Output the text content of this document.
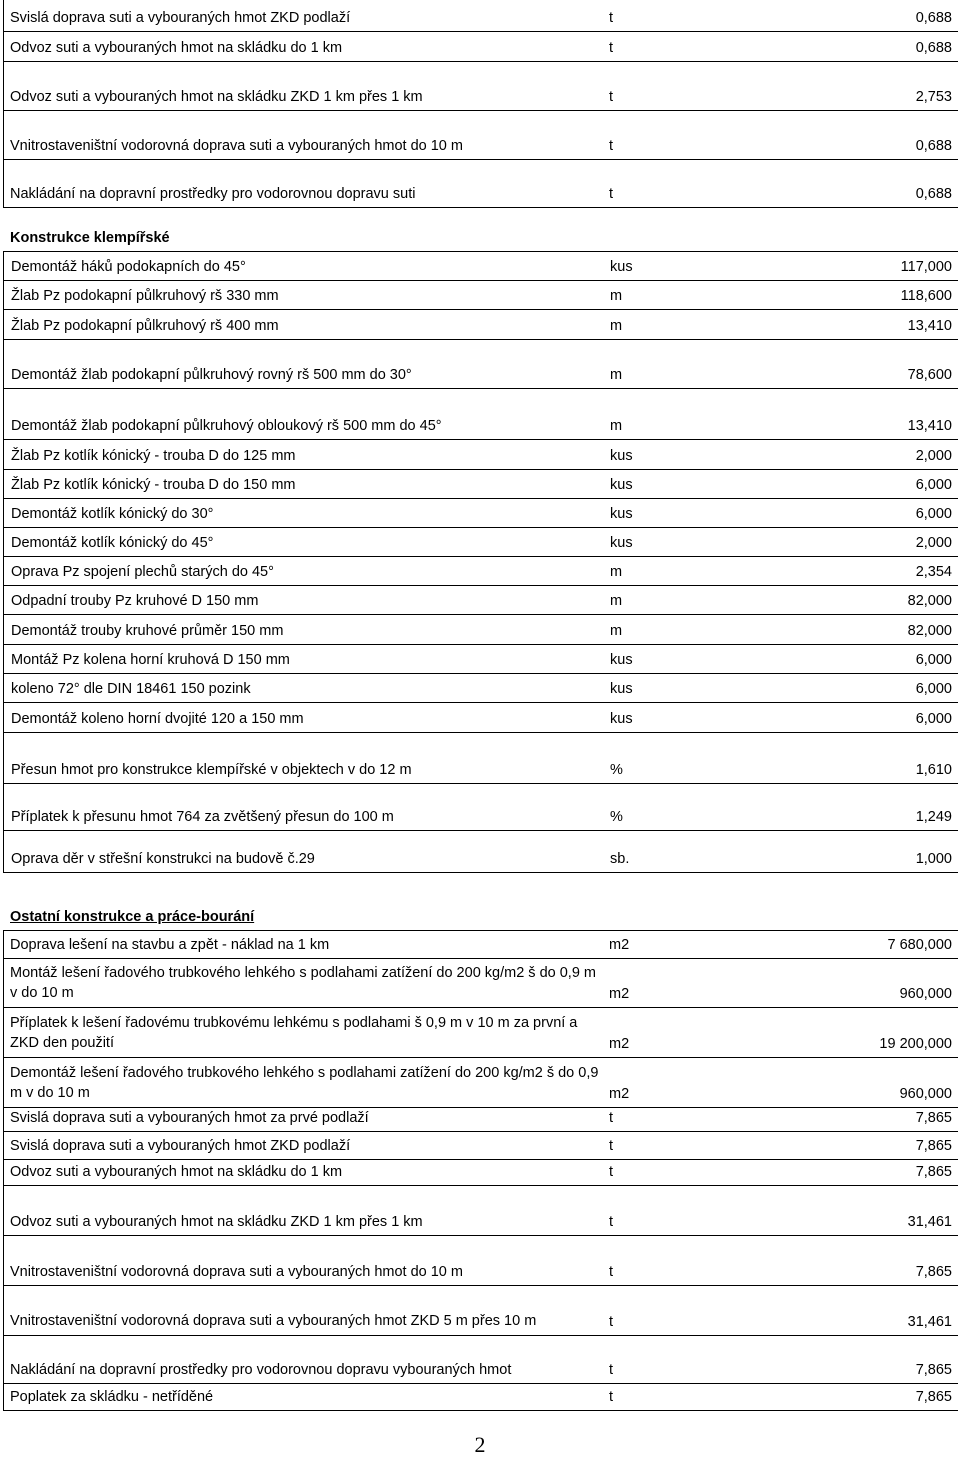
Svislá doprava suti a vybouraných hmot ZKD podlaží	t	0,688
Odvoz suti a vybouraných hmot na skládku do 1 km	t	0,688
Odvoz suti a vybouraných hmot na skládku ZKD 1 km přes 1 km	t	2,753
Vnitrostaveništní vodorovná doprava suti a vybouraných hmot do 10 m	t	0,688
Nakládání na dopravní prostředky pro vodorovnou dopravu suti	t	0,688
Konstrukce klempířské
Demontáž háků podokapních do 45°	kus	117,000
Žlab Pz podokapní půlkruhový rš 330 mm	m	118,600
Žlab Pz podokapní půlkruhový rš 400 mm	m	13,410
Demontáž žlab podokapní půlkruhový rovný rš 500 mm do 30°	m	78,600
Demontáž žlab podokapní půlkruhový obloukový rš 500 mm do 45°	m	13,410
Žlab Pz kotlík kónický - trouba D do 125 mm	kus	2,000
Žlab Pz kotlík kónický - trouba D do 150 mm	kus	6,000
Demontáž kotlík kónický do 30°	kus	6,000
Demontáž kotlík kónický do 45°	kus	2,000
Oprava Pz spojení plechů starých do 45°	m	2,354
Odpadní trouby Pz kruhové D 150 mm	m	82,000
Demontáž trouby kruhové průměr 150 mm	m	82,000
Montáž Pz kolena horní kruhová D 150 mm	kus	6,000
koleno 72° dle DIN 18461 150 pozink	kus	6,000
Demontáž koleno horní dvojité 120 a 150 mm	kus	6,000
Přesun hmot pro konstrukce klempířské v objektech v do 12 m	%	1,610
Příplatek k přesunu hmot 764 za zvětšený přesun do 100 m	%	1,249
Oprava děr v střešní konstrukci na budově č.29	sb.	1,000
Ostatní konstrukce a práce-bourání
Doprava lešení na stavbu a zpět - náklad na 1 km	m2	7 680,000
Montáž lešení řadového trubkového lehkého s podlahami zatížení do 200 kg/m2 š do 0,9 m v do 10 m	m2	960,000
Příplatek k lešení řadovému trubkovému lehkému s podlahami š 0,9 m v 10 m za první a ZKD den použití	m2	19 200,000
Demontáž lešení řadového trubkového lehkého s podlahami zatížení do 200 kg/m2 š do 0,9 m v do 10 m	m2	960,000
Svislá doprava suti a vybouraných hmot za prvé podlaží	t	7,865
Svislá doprava suti a vybouraných hmot ZKD podlaží	t	7,865
Odvoz suti a vybouraných hmot na skládku do 1 km	t	7,865
Odvoz suti a vybouraných hmot na skládku ZKD 1 km přes 1 km	t	31,461
Vnitrostaveništní vodorovná doprava suti a vybouraných hmot do 10 m	t	7,865
Vnitrostaveništní vodorovná doprava suti a vybouraných hmot ZKD 5 m přes 10 m	t	31,461
Nakládání na dopravní prostředky pro vodorovnou dopravu vybouraných hmot	t	7,865
Poplatek za skládku - netříděné	t	7,865
2
